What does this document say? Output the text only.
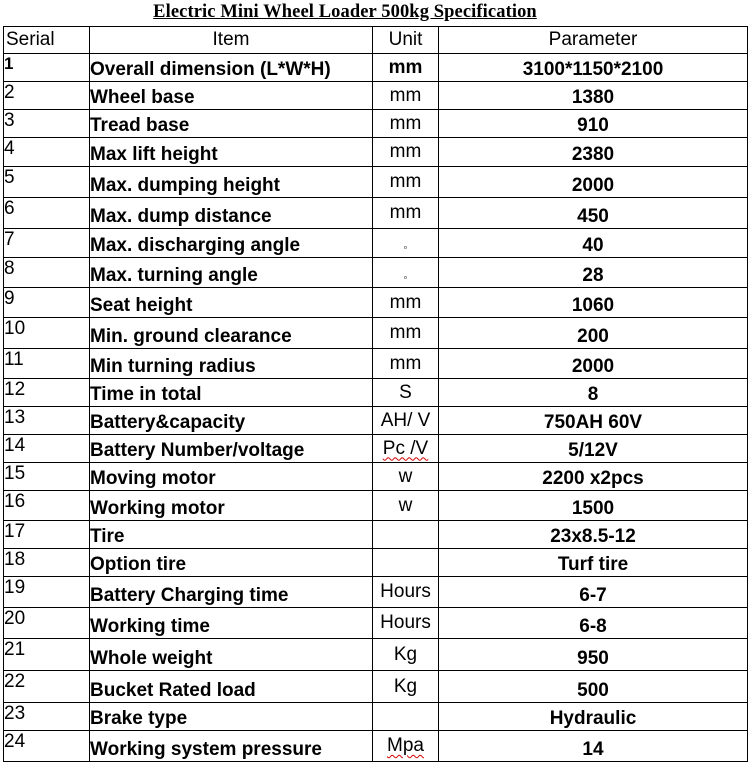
Electric Mini Wheel Loader 500kg Specification
Serial	Item	Unit	Parameter
1	Overall dimension (L*W*H)	mm	3100*1150*2100
2	Wheel base	mm	1380
3	Tread base	mm	910
4	Max lift height	mm	2380
5	Max. dumping height	mm	2000
6	Max. dump distance	mm	450
7	Max. discharging angle	◦	40
8	Max. turning angle	◦	28
9	Seat height	mm	1060
10	Min. ground clearance	mm	200
11	Min turning radius	mm	2000
12	Time in total	S	8
13	Battery&capacity	AH/ V	750AH 60V
14	Battery Number/voltage	Pc /V	5/12V
15	Moving motor	w	2200 x2pcs
16	Working motor	w	1500
17	Tire		23x8.5-12
18	Option tire		Turf tire
19	Battery Charging time	Hours	6-7
20	Working time	Hours	6-8
21	Whole weight	Kg	950
22	Bucket Rated load	Kg	500
23	Brake type		Hydraulic
24	Working system pressure	Mpa	14
